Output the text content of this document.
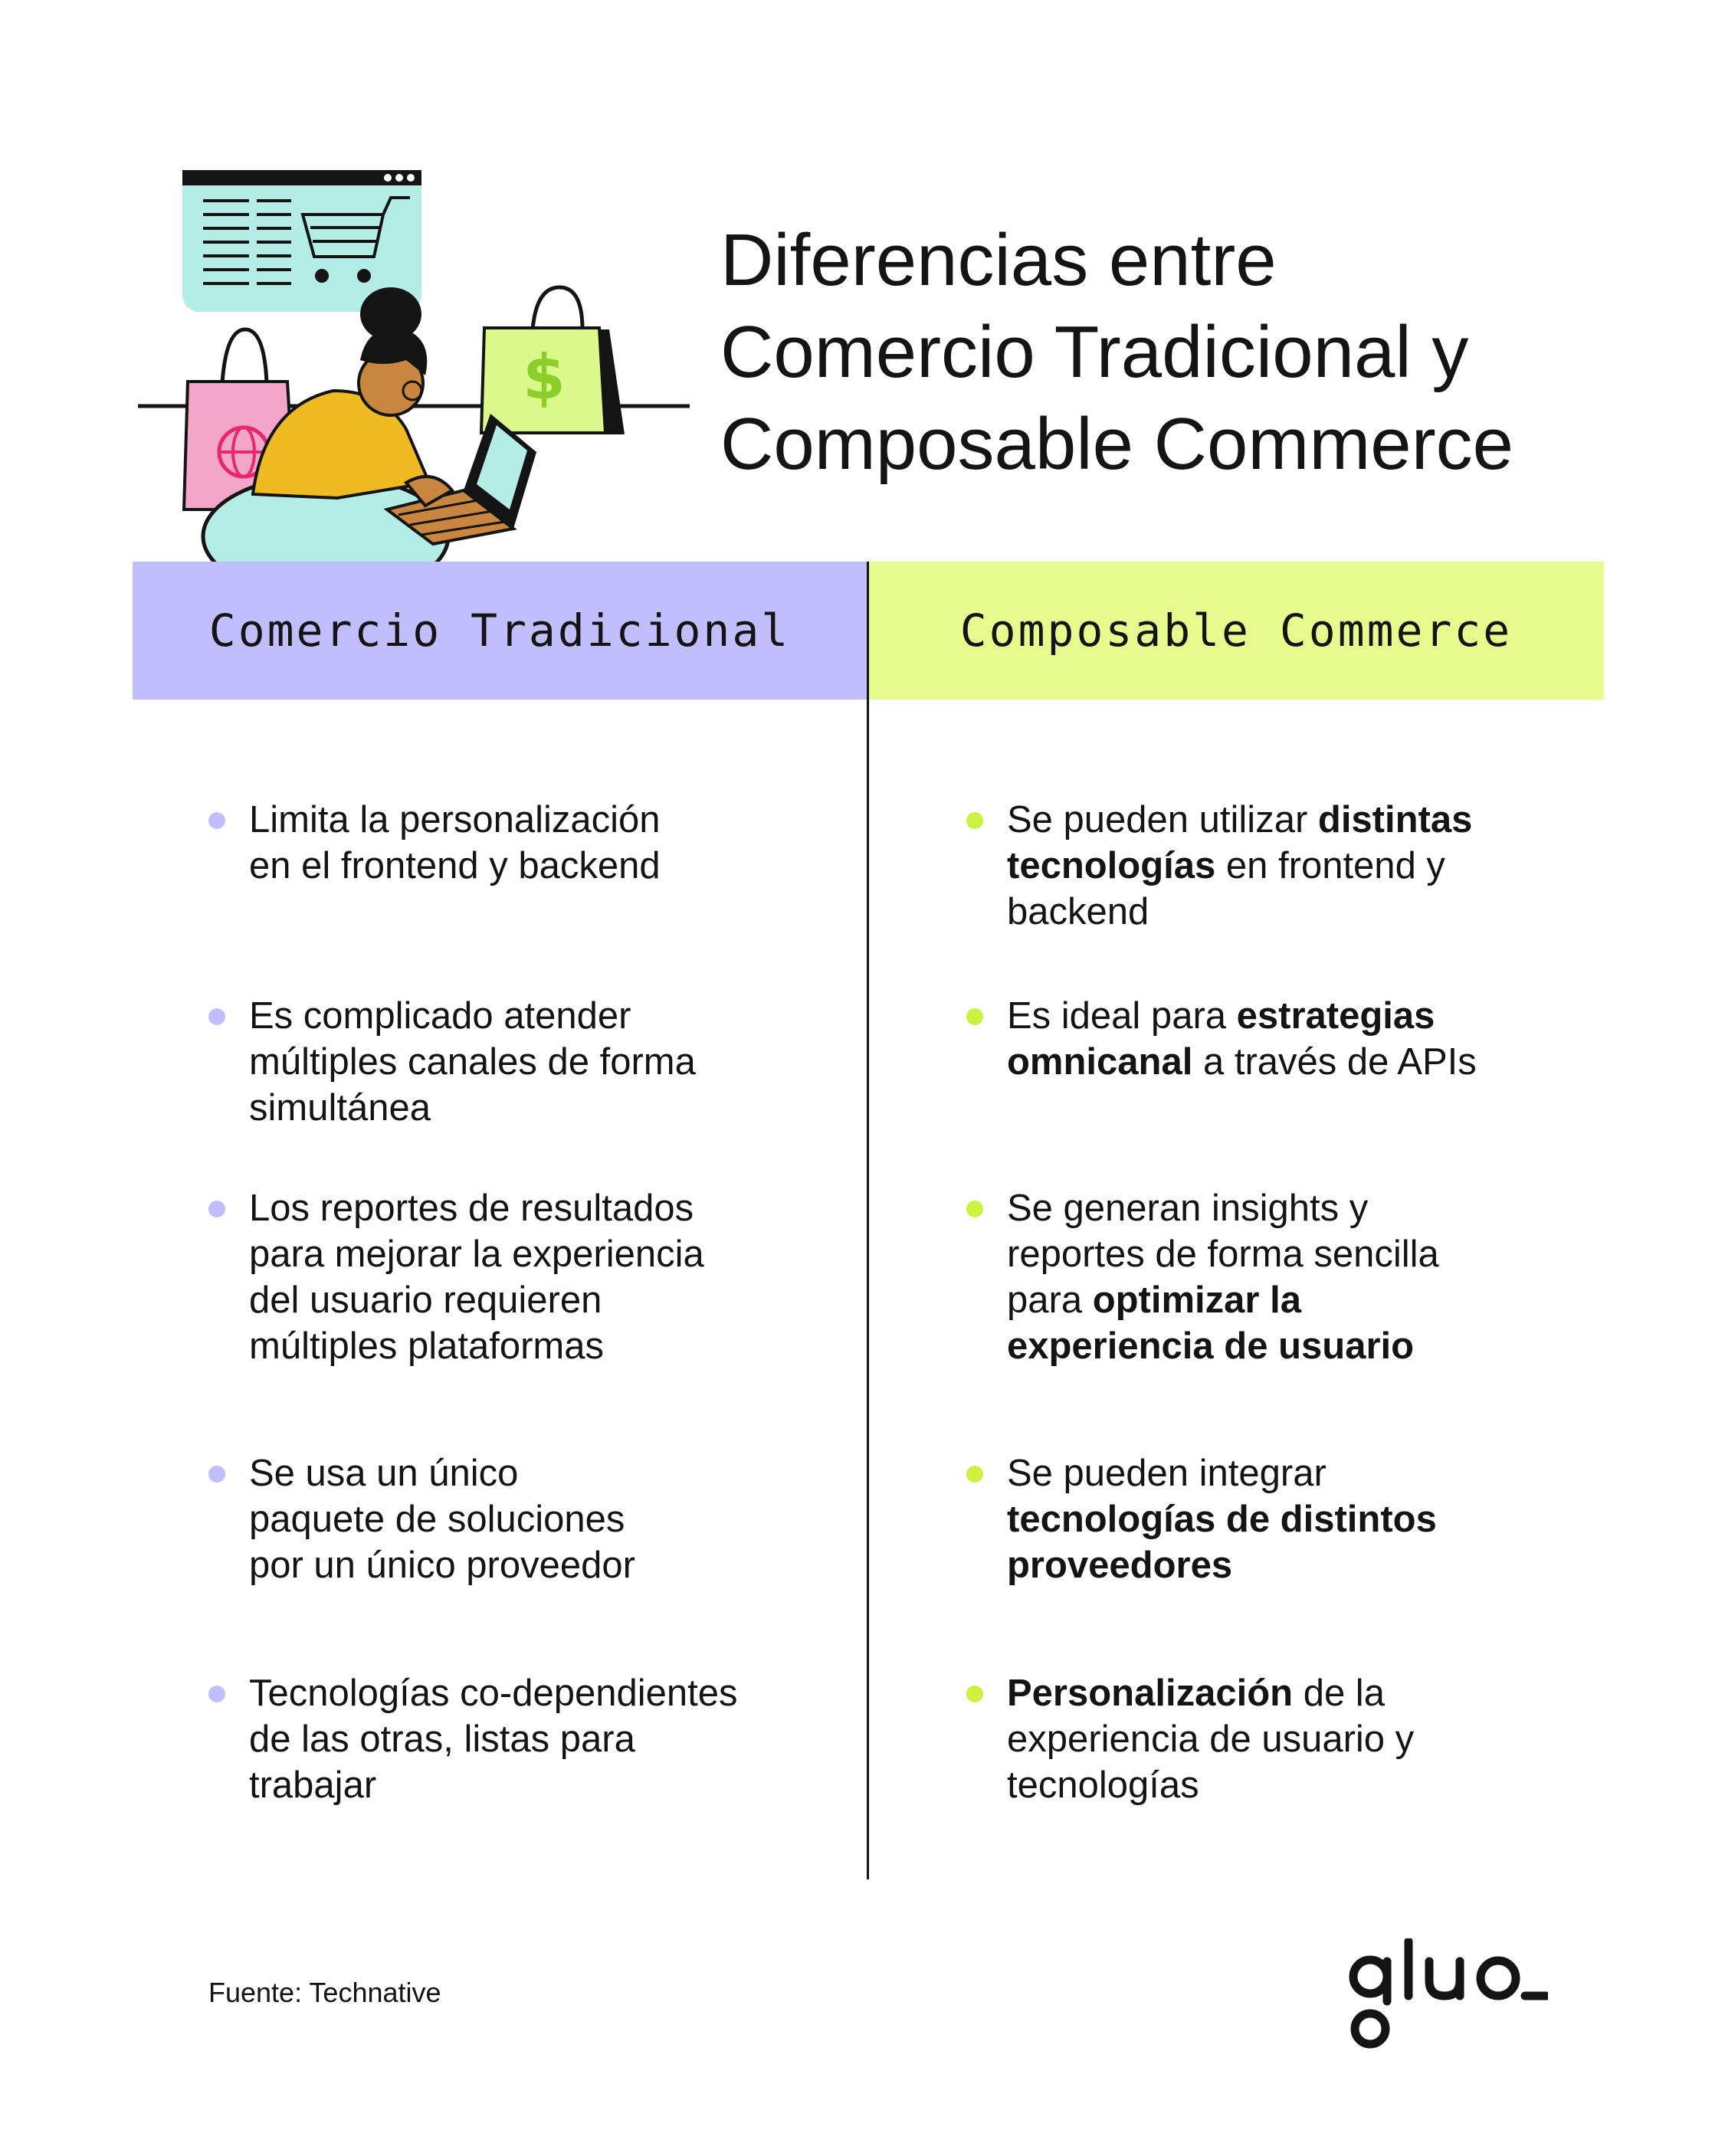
$
Diferencias entre
Comercio Tradicional y
Composable Commerce
Comercio Tradicional	Composable Commerce
Limita la personalización
en el frontend y backend
Es complicado atender
múltiples canales de forma
simultánea
Los reportes de resultados
para mejorar la experiencia
del usuario requieren
múltiples plataformas
Se usa un único
paquete de soluciones
por un único proveedor
Tecnologías co-dependientes
de las otras, listas para
trabajar
Se pueden utilizar distintas
tecnologías en frontend y
backend
Es ideal para estrategias
omnicanal a través de APIs
Se generan insights y
reportes de forma sencilla
para optimizar la
experiencia de usuario
Se pueden integrar
tecnologías de distintos
proveedores
Personalización de la
experiencia de usuario y
tecnologías
Fuente: Technative
